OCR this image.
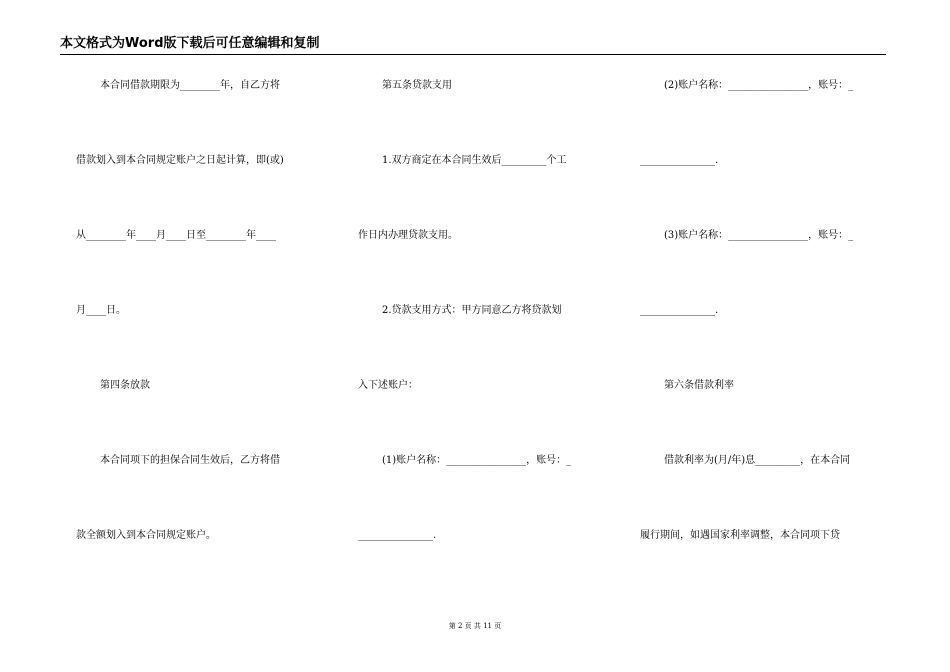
本文格式为Word版下载后可任意编辑和复制
本合同借款期限为________年，自乙方将
借款划入到本合同规定账户之日起计算，即(或)
从________年____月____日至________年____
月____日。
第四条放款
本合同项下的担保合同生效后，乙方将借
款全额划入到本合同规定账户。
第五条贷款支用
1.双方商定在本合同生效后_________个工
作日内办理贷款支用。
2.贷款支用方式：甲方同意乙方将贷款划
入下述账户：
(1)账户名称：________________，账号：_
_______________.
(2)账户名称：________________，账号：_
_______________.
(3)账户名称：________________，账号：_
_______________.
第六条借款利率
借款利率为(月/年)息_________，在本合同
履行期间，如遇国家利率调整，本合同项下贷
第 2 页 共 11 页
